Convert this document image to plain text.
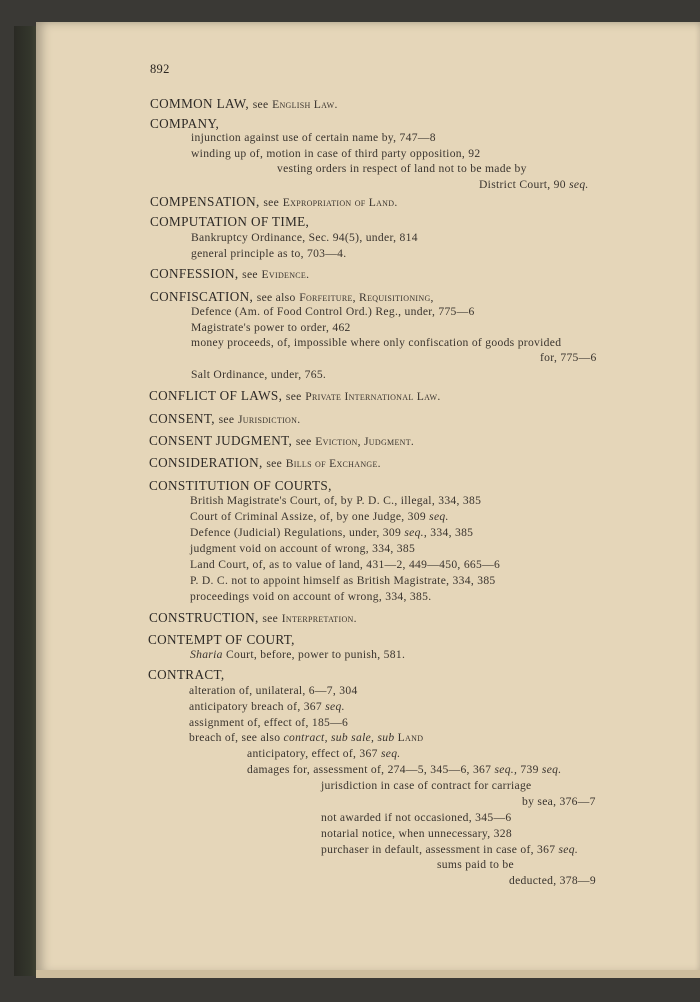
892
COMMON LAW, see English Law.
COMPANY,
injunction against use of certain name by, 747—8
winding up of, motion in case of third party opposition, 92
vesting orders in respect of land not to be made by
District Court, 90 seq.
COMPENSATION, see Expropriation of Land.
COMPUTATION OF TIME,
Bankruptcy Ordinance, Sec. 94(5), under, 814
general principle as to, 703—4.
CONFESSION, see Evidence.
CONFISCATION, see also Forfeiture, Requisitioning,
Defence (Am. of Food Control Ord.) Reg., under, 775—6
Magistrate's power to order, 462
money proceeds, of, impossible where only confiscation of goods provided
for, 775—6
Salt Ordinance, under, 765.
CONFLICT OF LAWS, see Private International Law.
CONSENT, see Jurisdiction.
CONSENT JUDGMENT, see Eviction, Judgment.
CONSIDERATION, see Bills of Exchange.
CONSTITUTION OF COURTS,
British Magistrate's Court, of, by P. D. C., illegal, 334, 385
Court of Criminal Assize, of, by one Judge, 309 seq.
Defence (Judicial) Regulations, under, 309 seq., 334, 385
judgment void on account of wrong, 334, 385
Land Court, of, as to value of land, 431—2, 449—450, 665—6
P. D. C. not to appoint himself as British Magistrate, 334, 385
proceedings void on account of wrong, 334, 385.
CONSTRUCTION, see Interpretation.
CONTEMPT OF COURT,
Sharia Court, before, power to punish, 581.
CONTRACT,
alteration of, unilateral, 6—7, 304
anticipatory breach of, 367 seq.
assignment of, effect of, 185—6
breach of, see also contract, sub sale, sub Land
anticipatory, effect of, 367 seq.
damages for, assessment of, 274—5, 345—6, 367 seq., 739 seq.
jurisdiction in case of contract for carriage
by sea, 376—7
not awarded if not occasioned, 345—6
notarial notice, when unnecessary, 328
purchaser in default, assessment in case of, 367 seq.
sums paid to be
deducted, 378—9
